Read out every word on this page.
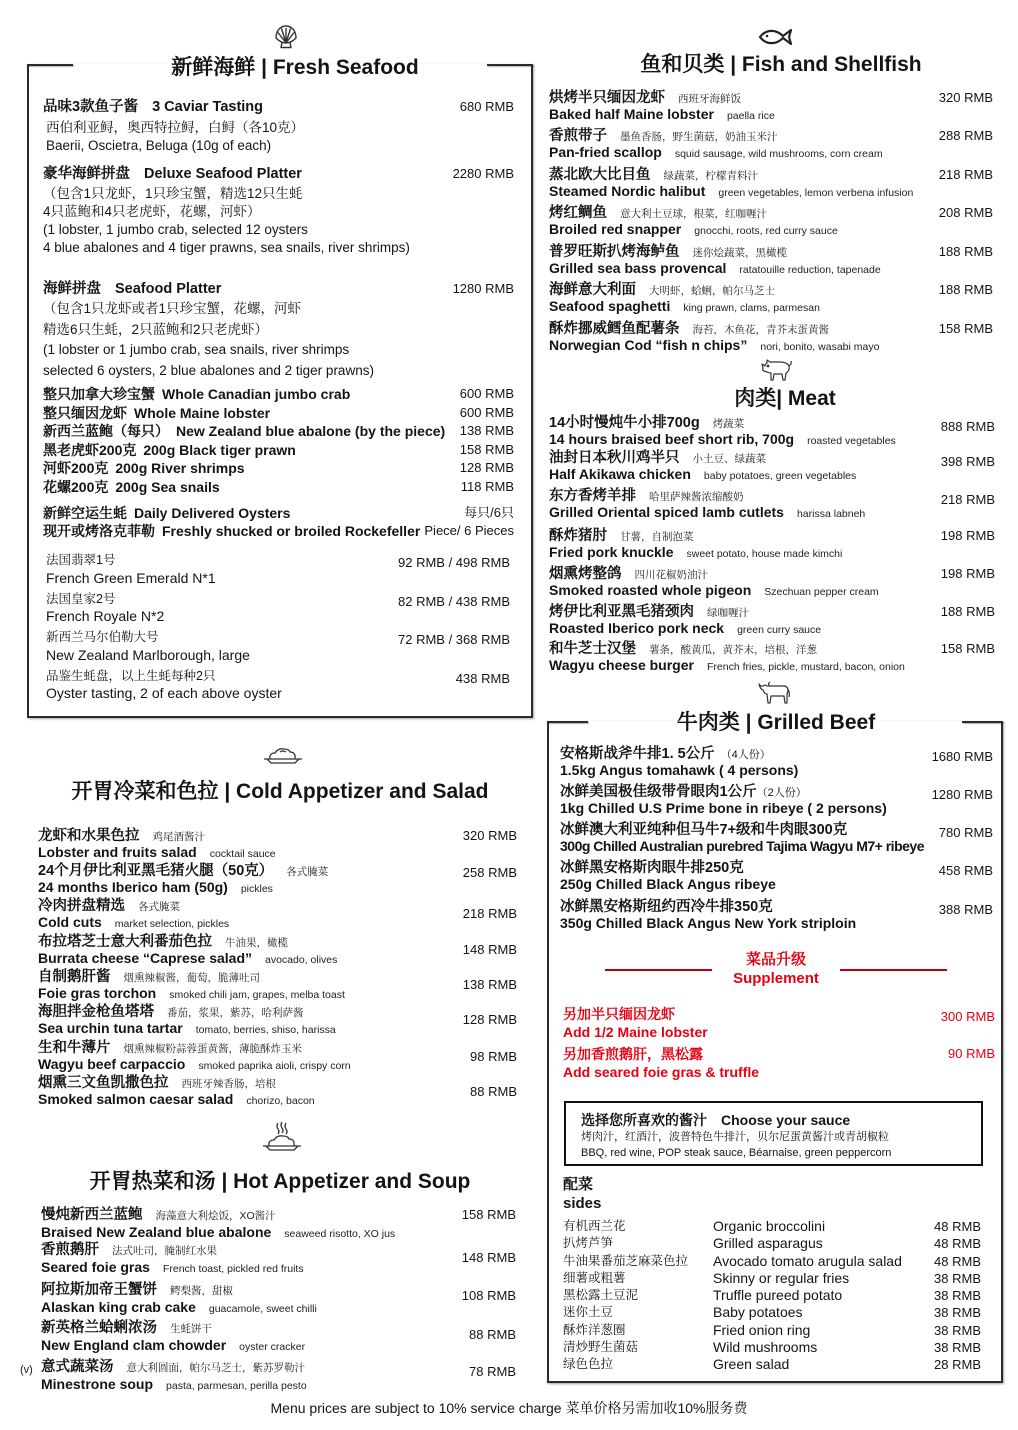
新鲜海鲜 | Fresh Seafood
品味3款鱼子酱 3 Caviar Tasting	680 RMB
西伯利亚鲟，奥西特拉鲟，白鲟（各10克）
Baerii, Oscietra, Beluga (10g of each)
豪华海鲜拼盘 Deluxe Seafood Platter	2280 RMB
（包含1只龙虾，1只珍宝蟹，精选12只生蚝
4只蓝鲍和4只老虎虾，花螺，河虾）
(1 lobster, 1 jumbo crab, selected 12 oysters
4 blue abalones and 4 tiger prawns, sea snails, river shrimps)
海鲜拼盘 Seafood Platter	1280 RMB
（包含1只龙虾或者1只珍宝蟹，花螺，河虾
精选6只生蚝，2只蓝鲍和2只老虎虾）
(1 lobster or 1 jumbo crab, sea snails, river shrimps
selected 6 oysters, 2 blue abalones and 2 tiger prawns)
整只加拿大珍宝蟹 Whole Canadian jumbo crab	600 RMB
整只缅因龙虾 Whole Maine lobster	600 RMB
新西兰蓝鲍（每只） New Zealand blue abalone (by the piece) 138 RMB
黑老虎虾200克 200g Black tiger prawn	158 RMB
河虾200克 200g River shrimps	128 RMB
花螺200克 200g Sea snails	118 RMB
新鲜空运生蚝 Daily Delivered Oysters	每只/6只
现开或烤洛克菲勒 Freshly shucked or broiled Rockefeller Piece/ 6 Pieces
法国翡翠1号
French Green Emerald N*1
92 RMB / 498 RMB
法国皇家2号
French Royale N*2
82 RMB / 438 RMB
新西兰马尔伯勒大号
New Zealand Marlborough, large
72 RMB / 368 RMB
品鉴生蚝盘，以上生蚝每种2只
Oyster tasting, 2 of each above oyster
438 RMB
开胃冷菜和色拉 | Cold Appetizer and Salad
龙虾和水果色拉 鸡尾酒酱汁
Lobster and fruits salad cocktail sauce
320 RMB
24个月伊比利亚黑毛猪火腿（50克） 各式腌菜
24 months Iberico ham (50g) pickles
258 RMB
冷肉拼盘精选 各式腌菜
Cold cuts market selection, pickles
218 RMB
布拉塔芝士意大利番茄色拉 牛油果，橄榄
Burrata cheese “Caprese salad” avocado, olives
148 RMB
自制鹅肝酱 烟熏辣椒酱，葡萄，脆薄吐司
Foie gras torchon smoked chili jam, grapes, melba toast
138 RMB
海胆拌金枪鱼塔塔 番茄，浆果，紫苏，哈利萨酱
Sea urchin tuna tartar tomato, berries, shiso, harissa
128 RMB
生和牛薄片 烟熏辣椒粉蒜蓉蛋黄酱，薄脆酥炸玉米
Wagyu beef carpaccio smoked paprika aioli, crispy corn
98 RMB
烟熏三文鱼凯撒色拉 西班牙辣香肠，培根
Smoked salmon caesar salad chorizo, bacon
88 RMB
开胃热菜和汤 | Hot Appetizer and Soup
慢炖新西兰蓝鲍 海藻意大利烩饭，XO酱汁
Braised New Zealand blue abalone seaweed risotto, XO jus
158 RMB
香煎鹅肝 法式吐司，腌制红水果
Seared foie gras French toast, pickled red fruits
148 RMB
阿拉斯加帝王蟹饼 鳄梨酱，甜椒
Alaskan king crab cake guacamole, sweet chilli
108 RMB
新英格兰蛤蜊浓汤 生蚝饼干
New England clam chowder oyster cracker
88 RMB
(v) 意式蔬菜汤 意大利圆面，帕尔马芝士，紫苏罗勒汁
Minestrone soup pasta, parmesan, perilla pesto
78 RMB
鱼和贝类 | Fish and Shellfish
烘烤半只缅因龙虾 西班牙海鲜饭
Baked half Maine lobster paella rice
320 RMB
香煎带子 墨鱼香肠，野生菌菇，奶油玉米汁
Pan-fried scallop squid sausage, wild mushrooms, corn cream
288 RMB
蒸北欧大比目鱼 绿蔬菜，柠檬青料汁
Steamed Nordic halibut green vegetables, lemon verbena infusion
218 RMB
烤红鲷鱼 意大利土豆球，根菜，红咖喱汁
Broiled red snapper gnocchi, roots, red curry sauce
208 RMB
普罗旺斯扒烤海鲈鱼 迷你烩蔬菜，黑橄榄
Grilled sea bass provencal ratatouille reduction, tapenade
188 RMB
海鲜意大利面 大明虾，蛤蜊，帕尔马芝士
Seafood spaghetti king prawn, clams, parmesan
188 RMB
酥炸挪威鳕鱼配薯条 海苔，木鱼花，青芥末蛋黄酱
Norwegian Cod “fish n chips” nori, bonito, wasabi mayo
158 RMB
肉类| Meat
14小时慢炖牛小排700g 烤蔬菜
14 hours braised beef short rib, 700g roasted vegetables
888 RMB
油封日本秋川鸡半只 小土豆、绿蔬菜
Half Akikawa chicken baby potatoes, green vegetables
398 RMB
东方香烤羊排 哈里萨辣酱浓缩酸奶
Grilled Oriental spiced lamb cutlets harissa labneh
218 RMB
酥炸猪肘 甘薯，自制泡菜
Fried pork knuckle sweet potato, house made kimchi
198 RMB
烟熏烤整鸽 四川花椒奶油汁
Smoked roasted whole pigeon Szechuan pepper cream
198 RMB
烤伊比利亚黑毛猪颈肉 绿咖喱汁
Roasted Iberico pork neck green curry sauce
188 RMB
和牛芝士汉堡 薯条，酸黄瓜，黄芥末，培根，洋葱
Wagyu cheese burger French fries, pickle, mustard, bacon, onion
158 RMB
牛肉类 | Grilled Beef
安格斯战斧牛排1. 5公斤 （4人份）
1.5kg Angus tomahawk ( 4 persons)
1680 RMB
冰鲜美国极佳级带骨眼肉1公斤（2人份）
1kg Chilled U.S Prime bone in ribeye ( 2 persons)
1280 RMB
冰鲜澳大利亚纯种但马牛7+级和牛肉眼300克
300g Chilled Australian purebred Tajima Wagyu M7+ ribeye
780 RMB
冰鲜黑安格斯肉眼牛排250克
250g Chilled Black Angus ribeye
458 RMB
冰鲜黑安格斯纽约西冷牛排350克
350g Chilled Black Angus New York striploin
388 RMB
菜品升级
Supplement
另加半只缅因龙虾
Add 1/2 Maine lobster
300 RMB
另加香煎鹅肝，黑松露
Add seared foie gras & truffle
90 RMB
选择您所喜欢的酱汁 Choose your sauce
烤肉汁，红酒汁，波普特色牛排汁，贝尔尼蛋黄酱汁或青胡椒粒
BBQ, red wine, POP steak sauce, Béarnaise, green peppercorn
配菜
sides
有机西兰花	Organic broccolini	48 RMB
扒烤芦笋	Grilled asparagus	48 RMB
牛油果番茄芝麻菜色拉	Avocado tomato arugula salad	48 RMB
细薯或粗薯	Skinny or regular fries	38 RMB
黑松露土豆泥	Truffle pureed potato	38 RMB
迷你土豆	Baby potatoes	38 RMB
酥炸洋葱圈	Fried onion ring	38 RMB
清炒野生菌菇	Wild mushrooms	38 RMB
绿色色拉	Green salad	28 RMB
Menu prices are subject to 10% service charge 菜单价格另需加收10%服务费
